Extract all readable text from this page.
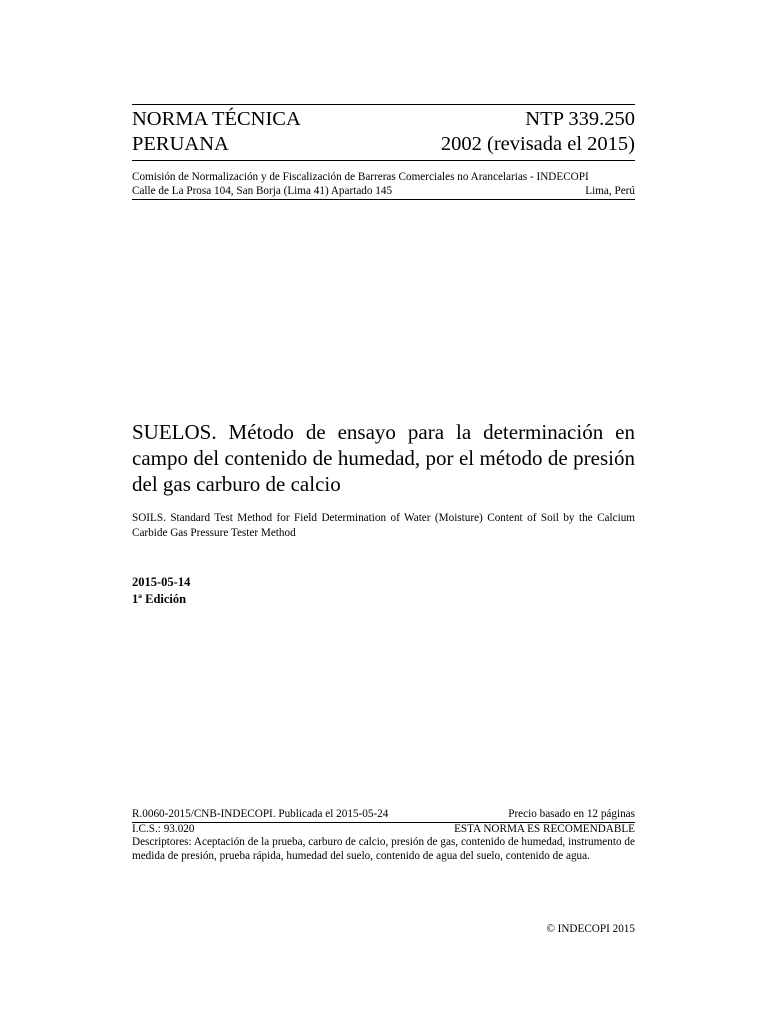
NORMA TÉCNICA	NTP 339.250
PERUANA	2002 (revisada el 2015)
Comisión de Normalización y de Fiscalización de Barreras Comerciales no Arancelarias - INDECOPI
Calle de La Prosa 104, San Borja (Lima 41) Apartado 145	Lima, Perú
SUELOS. Método de ensayo para la determinación en campo del contenido de humedad, por el método de presión del gas carburo de calcio
SOILS. Standard Test Method for Field Determination of Water (Moisture) Content of Soil by the Calcium Carbide Gas Pressure Tester Method
2015-05-14
1ª Edición
R.0060-2015/CNB-INDECOPI. Publicada el 2015-05-24	Precio basado en 12 páginas
I.C.S.: 93.020	ESTA NORMA ES RECOMENDABLE
Descriptores: Aceptación de la prueba, carburo de calcio, presión de gas, contenido de humedad, instrumento de medida de presión, prueba rápida, humedad del suelo, contenido de agua del suelo, contenido de agua.
© INDECOPI 2015
